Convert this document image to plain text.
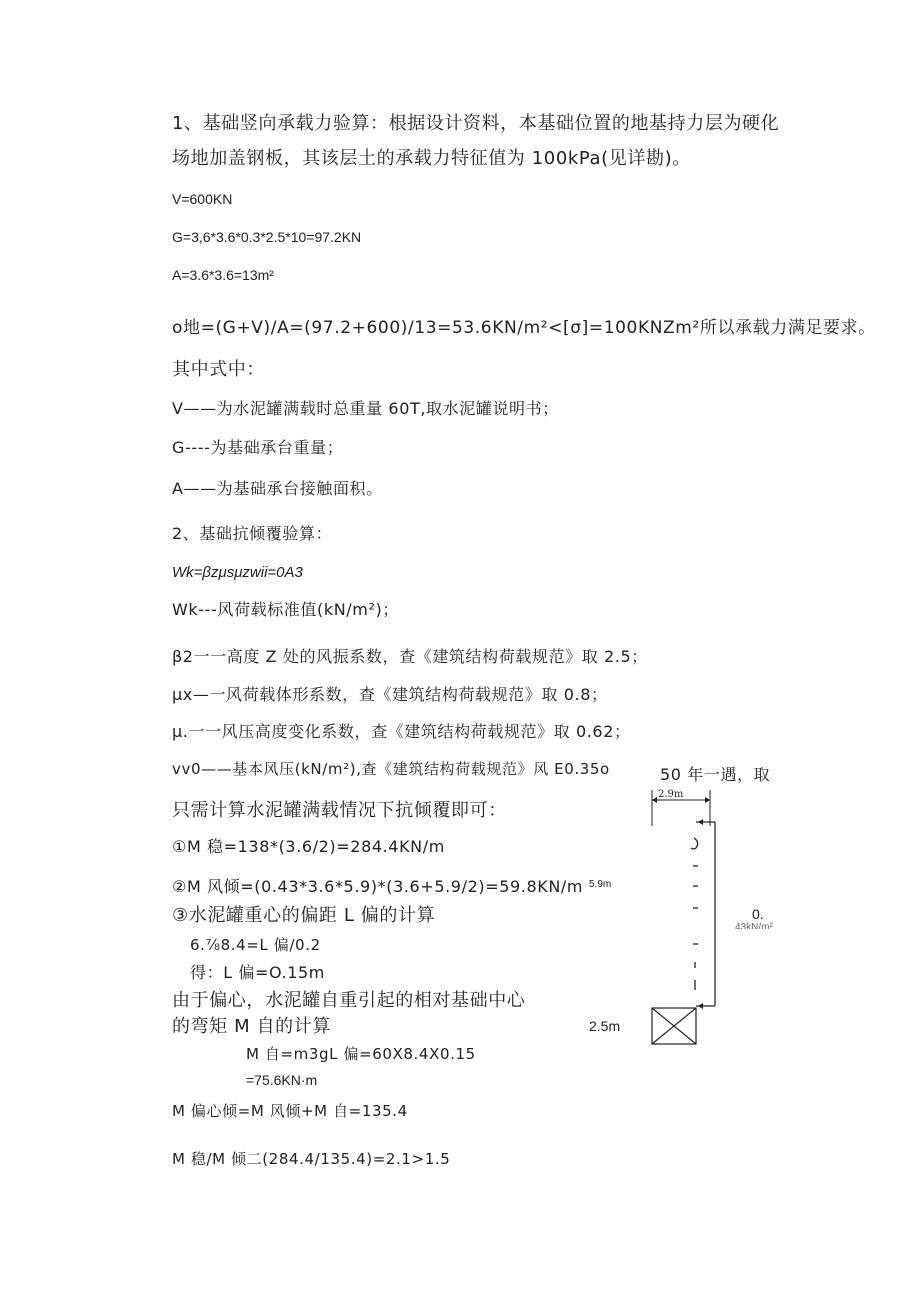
1、基础竖向承载力验算：根据设计资料，本基础位置的地基持力层为硬化
场地加盖钢板，其该层土的承载力特征值为 100kPa(见详勘)。
V=600KN
G=3,6*3.6*0.3*2.5*10=97.2KN
A=3.6*3.6=13m²
o地=(G+V)/A=(97.2+600)/13=53.6KN∕m²<[σ]=100KNZm²所以承载力满足要求。
其中式中：
V——为水泥罐满载时总重量 60T,取水泥罐说明书；
G----为基础承台重量；
A——为基础承台接触面积。
2、基础抗倾覆验算：
Wk=βzμsμzwii=0A3
Wk---风荷载标准值(kN/m²)；
β2一一高度 Z 处的风振系数，查《建筑结构荷载规范》取 2.5；
μx—一风荷载体形系数，查《建筑结构荷载规范》取 0.8；
μ.一一风压高度变化系数，查《建筑结构荷载规范》取 0.62；
vv0——基本风压(kN∕m²),查《建筑结构荷载规范》风 E0.35o	50 年一遇，取
只需计算水泥罐满载情况下抗倾覆即可：
①M 稳=138*(3.6/2)=284.4KN∕m
②M 风倾=(0.43*3.6*5.9)*(3.6+5.9∕2)=59.8KN∕m
③水泥罐重心的偏距 L 偏的计算
6.⅞8.4=L 偏/0.2
得：L 偏=O.15m
由于偏心，水泥罐自重引起的相对基础中心
的弯矩 M 自的计算
M 自=m3gL 偏=60X8.4X0.15
=75.6KN·m
M 偏心倾=M 风倾+M 自=135.4
M 稳/M 倾二(284.4/135.4)=2.1>1.5
5.9m
2.5m
0.
43kN/m²
2.9m
